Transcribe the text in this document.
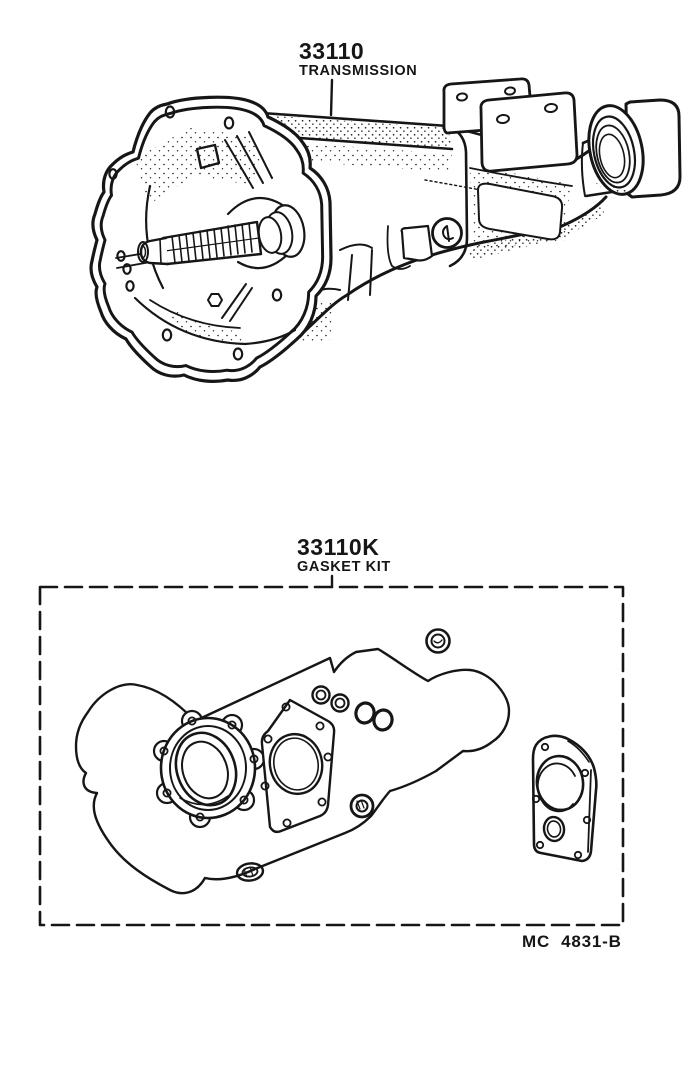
33110
TRANSMISSION
33110K
GASKET KIT
MC  4831-B
